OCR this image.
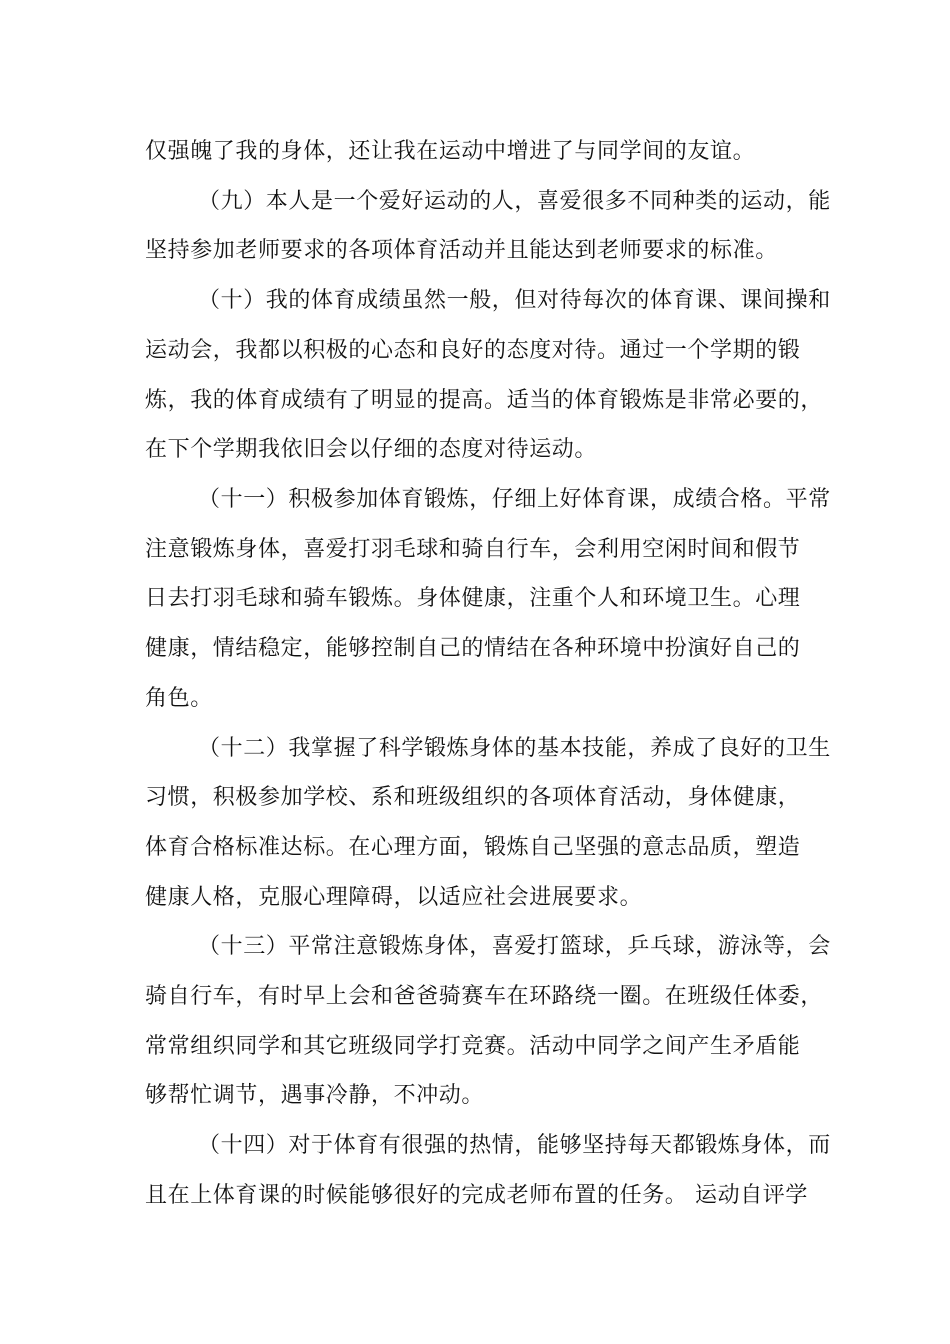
仅强魄了我的身体，还让我在运动中增进了与同学间的友谊。
（九）本人是一个爱好运动的人，喜爱很多不同种类的运动，能
坚持参加老师要求的各项体育活动并且能达到老师要求的标准。
（十）我的体育成绩虽然一般，但对待每次的体育课、课间操和
运动会，我都以积极的心态和良好的态度对待。通过一个学期的锻
炼，我的体育成绩有了明显的提高。适当的体育锻炼是非常必要的，
在下个学期我依旧会以仔细的态度对待运动。
（十一）积极参加体育锻炼，仔细上好体育课，成绩合格。平常
注意锻炼身体，喜爱打羽毛球和骑自行车，会利用空闲时间和假节
日去打羽毛球和骑车锻炼。身体健康，注重个人和环境卫生。心理
健康，情结稳定，能够控制自己的情结在各种环境中扮演好自己的
角色。
（十二）我掌握了科学锻炼身体的基本技能，养成了良好的卫生
习惯，积极参加学校、系和班级组织的各项体育活动，身体健康，
体育合格标准达标。在心理方面，锻炼自己坚强的意志品质，塑造
健康人格，克服心理障碍，以适应社会进展要求。
（十三）平常注意锻炼身体，喜爱打篮球，乒乓球，游泳等，会
骑自行车，有时早上会和爸爸骑赛车在环路绕一圈。在班级任体委，
常常组织同学和其它班级同学打竞赛。活动中同学之间产生矛盾能
够帮忙调节，遇事冷静，不冲动。
（十四）对于体育有很强的热情，能够坚持每天都锻炼身体，而
且在上体育课的时候能够很好的完成老师布置的任务。 运动自评学
